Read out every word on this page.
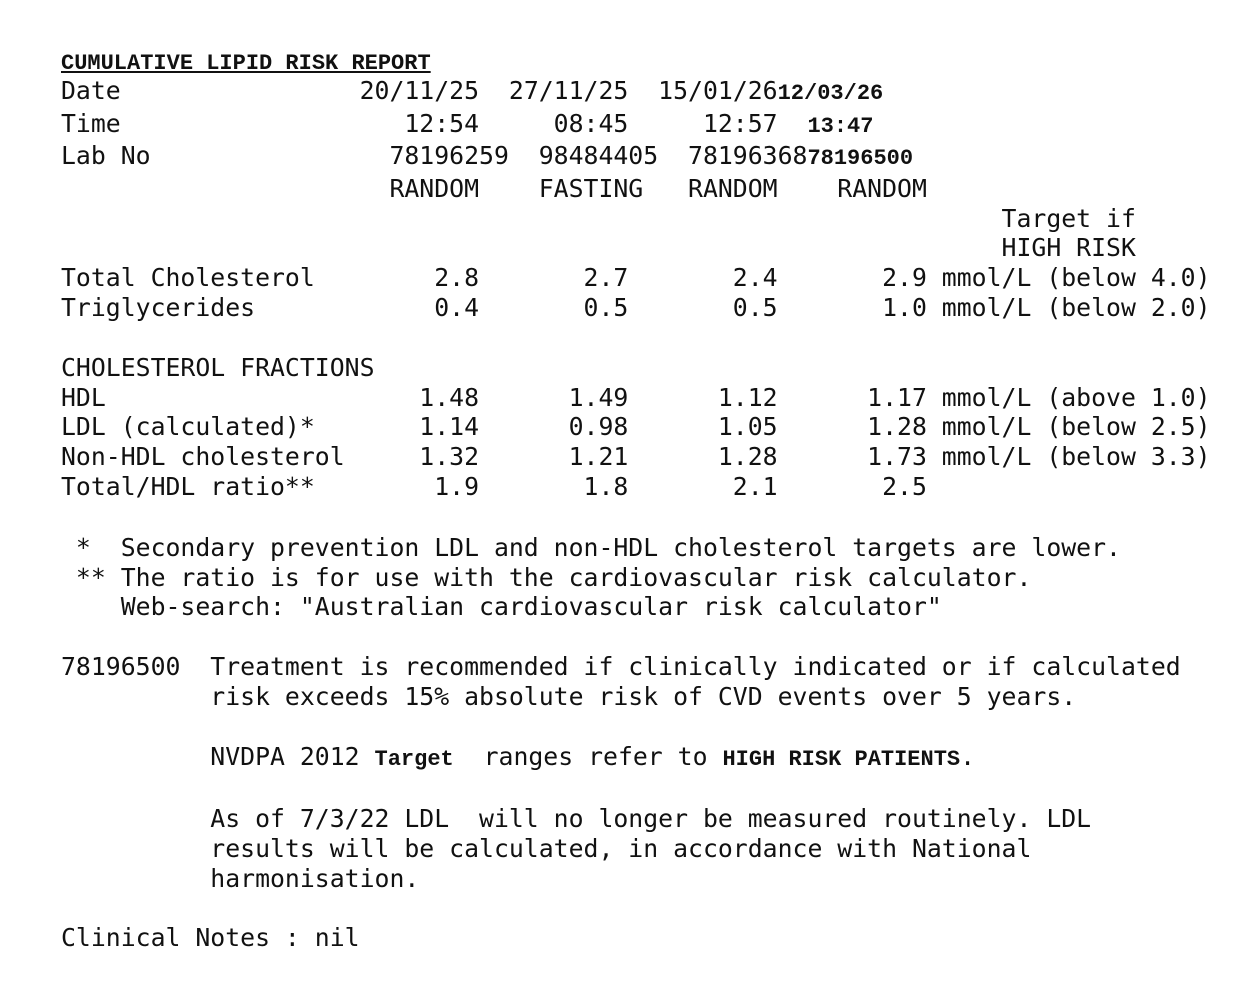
CUMULATIVE LIPID RISK REPORT
Date                20/11/25  27/11/25  15/01/2612/03/26
Time                   12:54     08:45     12:57  13:47
Lab No                78196259  98484405  7819636878196500
RANDOM    FASTING   RANDOM    RANDOM
Target if
HIGH RISK
Total Cholesterol        2.8       2.7       2.4       2.9 mmol/L (below 4.0)
Triglycerides            0.4       0.5       0.5       1.0 mmol/L (below 2.0)
CHOLESTEROL FRACTIONS
HDL                     1.48      1.49      1.12      1.17 mmol/L (above 1.0)
LDL (calculated)*       1.14      0.98      1.05      1.28 mmol/L (below 2.5)
Non-HDL cholesterol     1.32      1.21      1.28      1.73 mmol/L (below 3.3)
Total/HDL ratio**        1.9       1.8       2.1       2.5
*  Secondary prevention LDL and non-HDL cholesterol targets are lower.
** The ratio is for use with the cardiovascular risk calculator.
Web-search: "Australian cardiovascular risk calculator"
78196500  Treatment is recommended if clinically indicated or if calculated
risk exceeds 15% absolute risk of CVD events over 5 years.
NVDPA 2012 Target  ranges refer to HIGH RISK PATIENTS.
As of 7/3/22 LDL  will no longer be measured routinely. LDL
results will be calculated, in accordance with National
harmonisation.
Clinical Notes : nil
